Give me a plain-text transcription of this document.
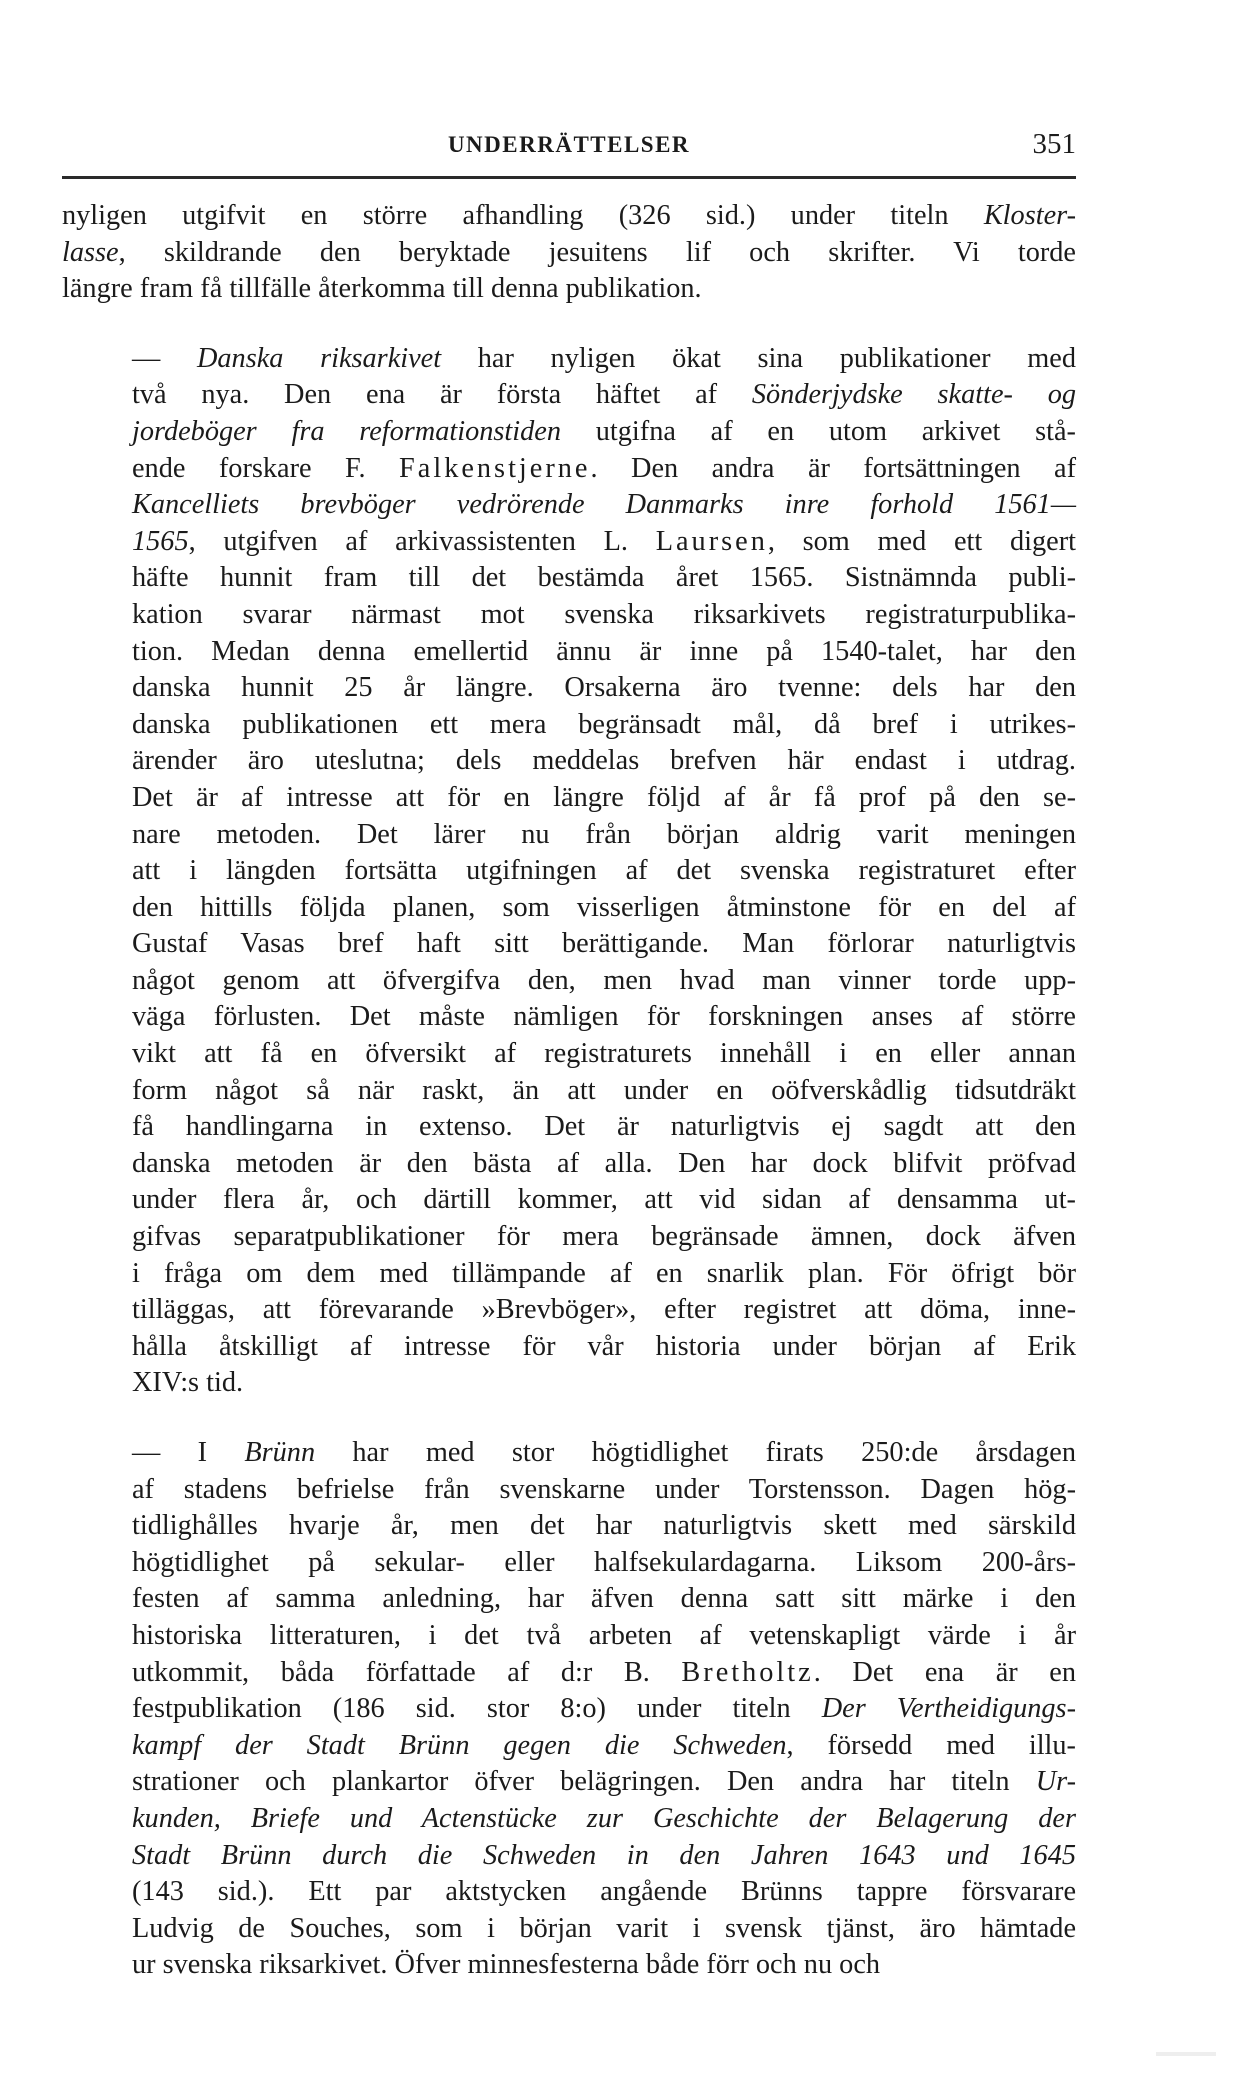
UNDERRÄTTELSER	351

nyligen utgifvit en större afhandling (326 sid.) under titeln Kloster-
lasse, skildrande den beryktade jesuitens lif och skrifter. Vi torde
längre fram få tillfälle återkomma till denna publikation.

— Danska riksarkivet har nyligen ökat sina publikationer med
två nya. Den ena är första häftet af Sönderjydske skatte- og
jordeböger fra reformationstiden utgifna af en utom arkivet stå-
ende forskare F. Falkenstjerne. Den andra är fortsättningen af
Kancelliets brevböger vedrörende Danmarks inre forhold 1561—
1565, utgifven af arkivassistenten L. Laursen, som med ett digert
häfte hunnit fram till det bestämda året 1565. Sistnämnda publi-
kation svarar närmast mot svenska riksarkivets registraturpublika-
tion. Medan denna emellertid ännu är inne på 1540-talet, har den
danska hunnit 25 år längre. Orsakerna äro tvenne: dels har den
danska publikationen ett mera begränsadt mål, då bref i utrikes-
ärender äro uteslutna; dels meddelas brefven här endast i utdrag.
Det är af intresse att för en längre följd af år få prof på den se-
nare metoden. Det lärer nu från början aldrig varit meningen
att i längden fortsätta utgifningen af det svenska registraturet efter
den hittills följda planen, som visserligen åtminstone för en del af
Gustaf Vasas bref haft sitt berättigande. Man förlorar naturligtvis
något genom att öfvergifva den, men hvad man vinner torde upp-
väga förlusten. Det måste nämligen för forskningen anses af större
vikt att få en öfversikt af registraturets innehåll i en eller annan
form något så när raskt, än att under en oöfverskådlig tidsutdräkt
få handlingarna in extenso. Det är naturligtvis ej sagdt att den
danska metoden är den bästa af alla. Den har dock blifvit pröfvad
under flera år, och därtill kommer, att vid sidan af densamma ut-
gifvas separatpublikationer för mera begränsade ämnen, dock äfven
i fråga om dem med tillämpande af en snarlik plan. För öfrigt bör
tilläggas, att förevarande »Brevböger», efter registret att döma, inne-
hålla åtskilligt af intresse för vår historia under början af Erik
XIV:s tid.

— I Brünn har med stor högtidlighet firats 250:de årsdagen
af stadens befrielse från svenskarne under Torstensson. Dagen hög-
tidlighålles hvarje år, men det har naturligtvis skett med särskild
högtidlighet på sekular- eller halfsekulardagarna. Liksom 200-års-
festen af samma anledning, har äfven denna satt sitt märke i den
historiska litteraturen, i det två arbeten af vetenskapligt värde i år
utkommit, båda författade af d:r B. Bretholtz. Det ena är en
festpublikation (186 sid. stor 8:o) under titeln Der Vertheidigungs-
kampf der Stadt Brünn gegen die Schweden, försedd med illu-
strationer och plankartor öfver belägringen. Den andra har titeln Ur-
kunden, Briefe und Actenstücke zur Geschichte der Belagerung der
Stadt Brünn durch die Schweden in den Jahren 1643 und 1645
(143 sid.). Ett par aktstycken angående Brünns tappre försvarare
Ludvig de Souches, som i början varit i svensk tjänst, äro hämtade
ur svenska riksarkivet. Öfver minnesfesterna både förr och nu och
